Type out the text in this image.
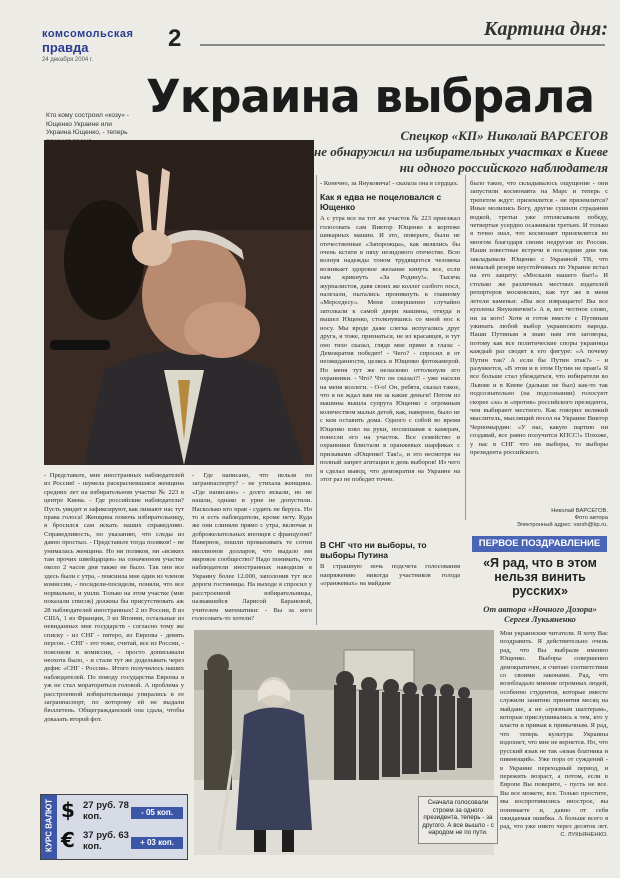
комсомольская
правда
24 декабря 2004 г.
2	Картина дня:
Украина выбрала
Кто кому состроил «козу» - Ющенко Украине или Украина Ющенко, - теперь	Спецкор «КП» Николай ВАРСЕГОВ
не обнаружил на избирательных участках в Киеве ни одного российского наблюдателя
- Представьте, мне иностранных наблюдателей из России! - шумела раскрасневшаяся женщина средних лет на избирательном участке № 223 в центре Киева. - Где российские наблюдатели? Пусть увидят и зафиксируют, как лишают нас тут права голоса! Женщина помочь избирательницу, я бросился сам искать наших справедливо. Справедливость, по указанию, что следы из давно простыл. - Представьте тогда поляков! - не унималась женщина. Но ни поляков, ни «всяких там прочих швейцарцев» на означенном участке около 2 часов дня также не было. Так они все здесь были с утра, - пояснила мне один из членов комиссии, - посидели-посидели, поняли, что все нормально, и ушли. Только на этом участке (мне показали список) должны бы присутствовать аж 28 наблюдателей иностранных! 2 из России, 8 из США, 1 из Франции, 3 из Японии, остальные из невиданных мне государств - согласно тому же списку - из СНГ - пятеро, из Европы - девять персон. - СНГ - это тоже, считай, все из России, - пояснили в комиссии, - просто дописывали неохота было, - и стали тут же доделывать через дефис «СНГ - Россия». Итого получилось наших наблюдателей. По поводу государства Европы я уж не стал мораториться головой. А проблема у расстроенной избирательницы упирались в ее загранпаспорт, по которому ей не выдали бюллетень. Общегражданский она сдала, чтобы доказать второй фот.
- Где написано, что нельзя по загранпаспорту? - не утихала женщина. «Где написано» - долго искали, но не нашли, однако в урне не допустили. Насколько кто прав - судить не берусь. Но то и есть наблюдатели, кроме нету. Куда же они слиняли прямо с утра, включая и доброжелательных японцев с французом? Наверное, пошли промахивать те сотни миллионов долларов, что выдало им мировое сообщество? Надо понимать, что наблюдатели иностранных наводили в Украину более 12.000, заполонив тут все дороги гостиницы. На выходе я спросил у расстроенной избирательницы, назвавшейся Ларисой Барановой, учителем математики: - Вы за кого голосовать-то хотели?
- Конечно, за Януковича! - сказала она в сердцах.
Как я едва не поцеловался с Ющенко
А с утра все на тот же участок № 223 приезжал голосовать сам Виктор Ющенко в кортеже шикарных машин. И это, поверьте, были не отечественные «Запорожцы», как являлись бы очень кстати в пяху незидового отечестве. Всю волнуя надежды тоном трудящегося человека возникает здоровое желание кинуть все, если нам крикнуть «За Родину!». Тысяча журналистов, давя своих же коллег сазбого посл, налезали, пытались проникнуть к главному «Мерседесу». Меня совершенно случайно затолкали к самой двери машины, откуда и вышел Ющенко, столкнувшись со мной нос к носу. Мы вроде даже слегка испугались друг друга, я тоже, признаться, не из красавцев, и тут оно тихо сказал, глядя мне прямо в глаза: - Демократия победит! - Чего? - спросил я от неожиданности, целясь в Ющенко фотокамерой. Но меня тут же неласково оттолкнули его охранники. - Что? Что он сказал?! - уже насели на меня коллеги. - О-о! Он, ребята, сказал такое, что я не ждал вам ни за какие деньги! Потом из машины вышла супруга Ющенко с огромным количеством малых детей, как, наверное, было не с кем оставить дома. Одного с собой во время Ющенко взял на руки, поспешавая к камерам, понесли его на участок. Все семейство и охранники блистали в оранжевых шарфиках с призывами «Ющенко! Так!», и это несмотря на полный запрет агитации в день выборов! Из чего я сделал вывод, что демократия на Украине на этот раз не победит точно.
В СНГ что ни выборы, то выборы Путина
В страшную ночь подсчета голосования напряжению никогда участников голода «оранжевых» на майдане
было такое, что складывалось ощущение - они запустили космонавта на Марс и теперь с трепетом ждут: приземлится - не приземлится? Иные молились Богу, другие сушили страдания водкой, третьи уже отплясывали победу, четвертые усердно осаживали третьих. И только я точно знал, что космонавт приземлится во многом благодаря своим недругам из России. Наши известные встречи в последние дни так закладывали Ющенко с Украиной ТВ, что немалый резерв неустойчивых по Украине встал на его защиту: «Москали нашего быт!» И столько же различных местных издателей репортеров московских, как тут же в меня летели каменья: «Вы все извращаете! Вы все куплены Януковичем!» А я, вот честное слово, ни за кого! Хотя и готов вместе с Путиным ужинать любой выбор украинского народа. Наши Путиным я знаю нам эти заговоры, потому как все политические споры украинцы каждый раз сводят к его фигуре: «А почему Путин так? А если бы Путин этак?» - и разумеется, «В этом и в этом Путин не прав!» Я все больше стал убеждаться, что избиратели во Львове и в Киеве (дальше не был) как-то так подсознательно (на подсознании) голосуют скорее «за» и «против» российского президента, чем выбирают местного. Как говорил великий мыслитель, мыслящий посол на Украине Виктор Черномырдин: «У нас, какую партию ни создавай, все равно получится КПСС!» Похоже, у нас в СНГ что ни выборы, то выборы президента российского.
Николай ВАРСЕГОВ.
Фото автора
Электронный адрес: varsh@kp.ru.
ПЕРВОЕ ПОЗДРАВЛЕНИЕ
«Я рад, что в этом нельзя винить русских»
От автора «Ночного Дозора» Сергея Лукьяненко
Мои украинские читатели. Я хочу Вас поздравить. Я действительно очень рад, что Вы выбрали именно Ющенко. Выборы совершенно демократичен, я считаю соответствии со своими законами. Рад, что возобладало мнение огромных людей, особенно студентов, которые вместе служили занятию принятия месяц на майдане, а не «грязным шахтерам», которые прислушивались к тем, кто у власти и привык к привычным. Я рад, что теперь культура Украины вздохнет, что мне не вернется. Но, что русский язык не так «язык блатника и пивнющий». Уже пора от суждений - в Украине переходный период, и пережить возраст, а потом, если в Европе Вы поверите, - пусть не все. Вы все можете, все. Только простите, мы воспротивились инострое, вы понимаете и, давно от себя ожидаемая ошибка. А больше всего я рад, что уже никто через десяток лет.
С. ЛУКЬЯНЕНКО.
Сначала голосовали строем за одного президента, теперь - за другого. А все вышло - с народом не по пути.
КУРС ВАЛЮТ $ 27 руб. 78 коп.	- 05 коп.
€ 37 руб. 63 коп.	+ 03 коп.
